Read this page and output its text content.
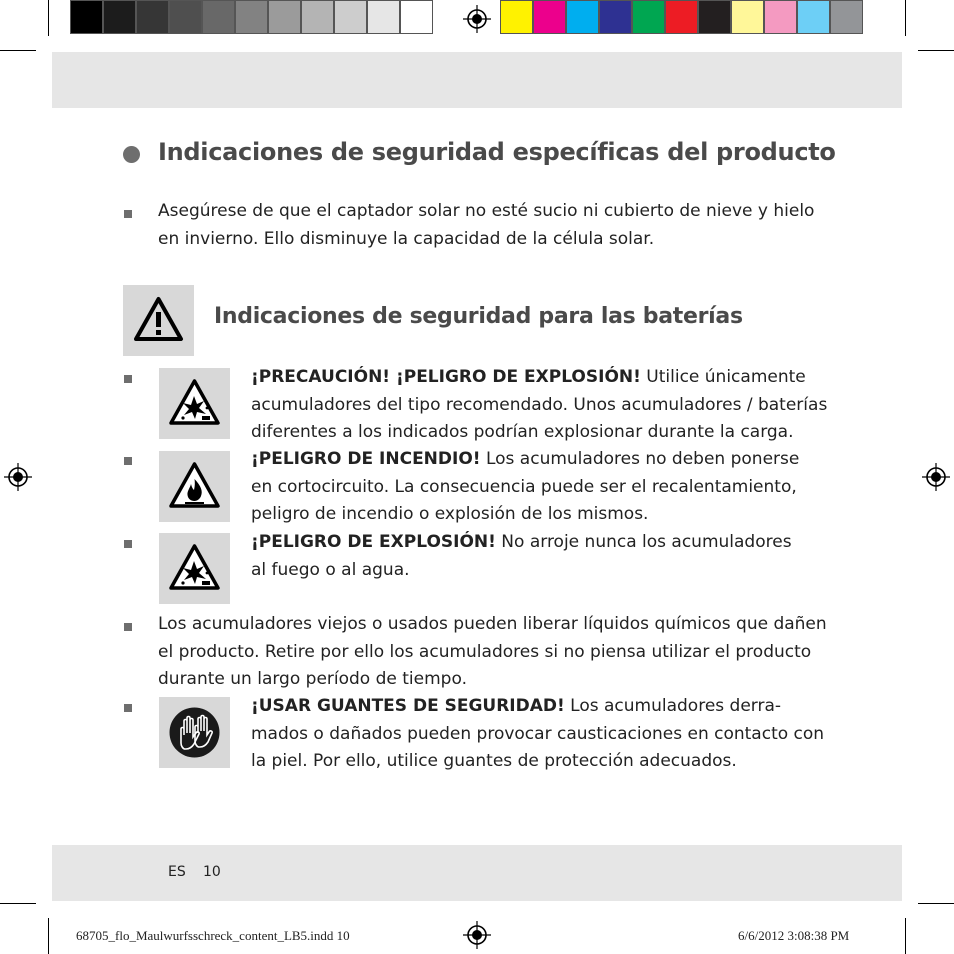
Indicaciones de seguridad específicas del producto
Asegúrese de que el captador solar no esté sucio ni cubierto de nieve y hielo
en invierno. Ello disminuye la capacidad de la célula solar.
Indicaciones de seguridad para las baterías
¡PRECAUCIÓN! ¡PELIGRO DE EXPLOSIÓN! Utilice únicamente
acumuladores del tipo recomendado. Unos acumuladores / baterías
diferentes a los indicados podrían explosionar durante la carga.
¡PELIGRO DE INCENDIO! Los acumuladores no deben ponerse
en cortocircuito. La consecuencia puede ser el recalentamiento,
peligro de incendio o explosión de los mismos.
¡PELIGRO DE EXPLOSIÓN! No arroje nunca los acumuladores
al fuego o al agua.
Los acumuladores viejos o usados pueden liberar líquidos químicos que dañen
el producto. Retire por ello los acumuladores si no piensa utilizar el producto
durante un largo período de tiempo.
¡USAR GUANTES DE SEGURIDAD! Los acumuladores derra-
mados o dañados pueden provocar causticaciones en contacto con
la piel. Por ello, utilice guantes de protección adecuados.
ES 10
68705_flo_Maulwurfsschreck_content_LB5.indd 10	6/6/2012 3:08:38 PM
